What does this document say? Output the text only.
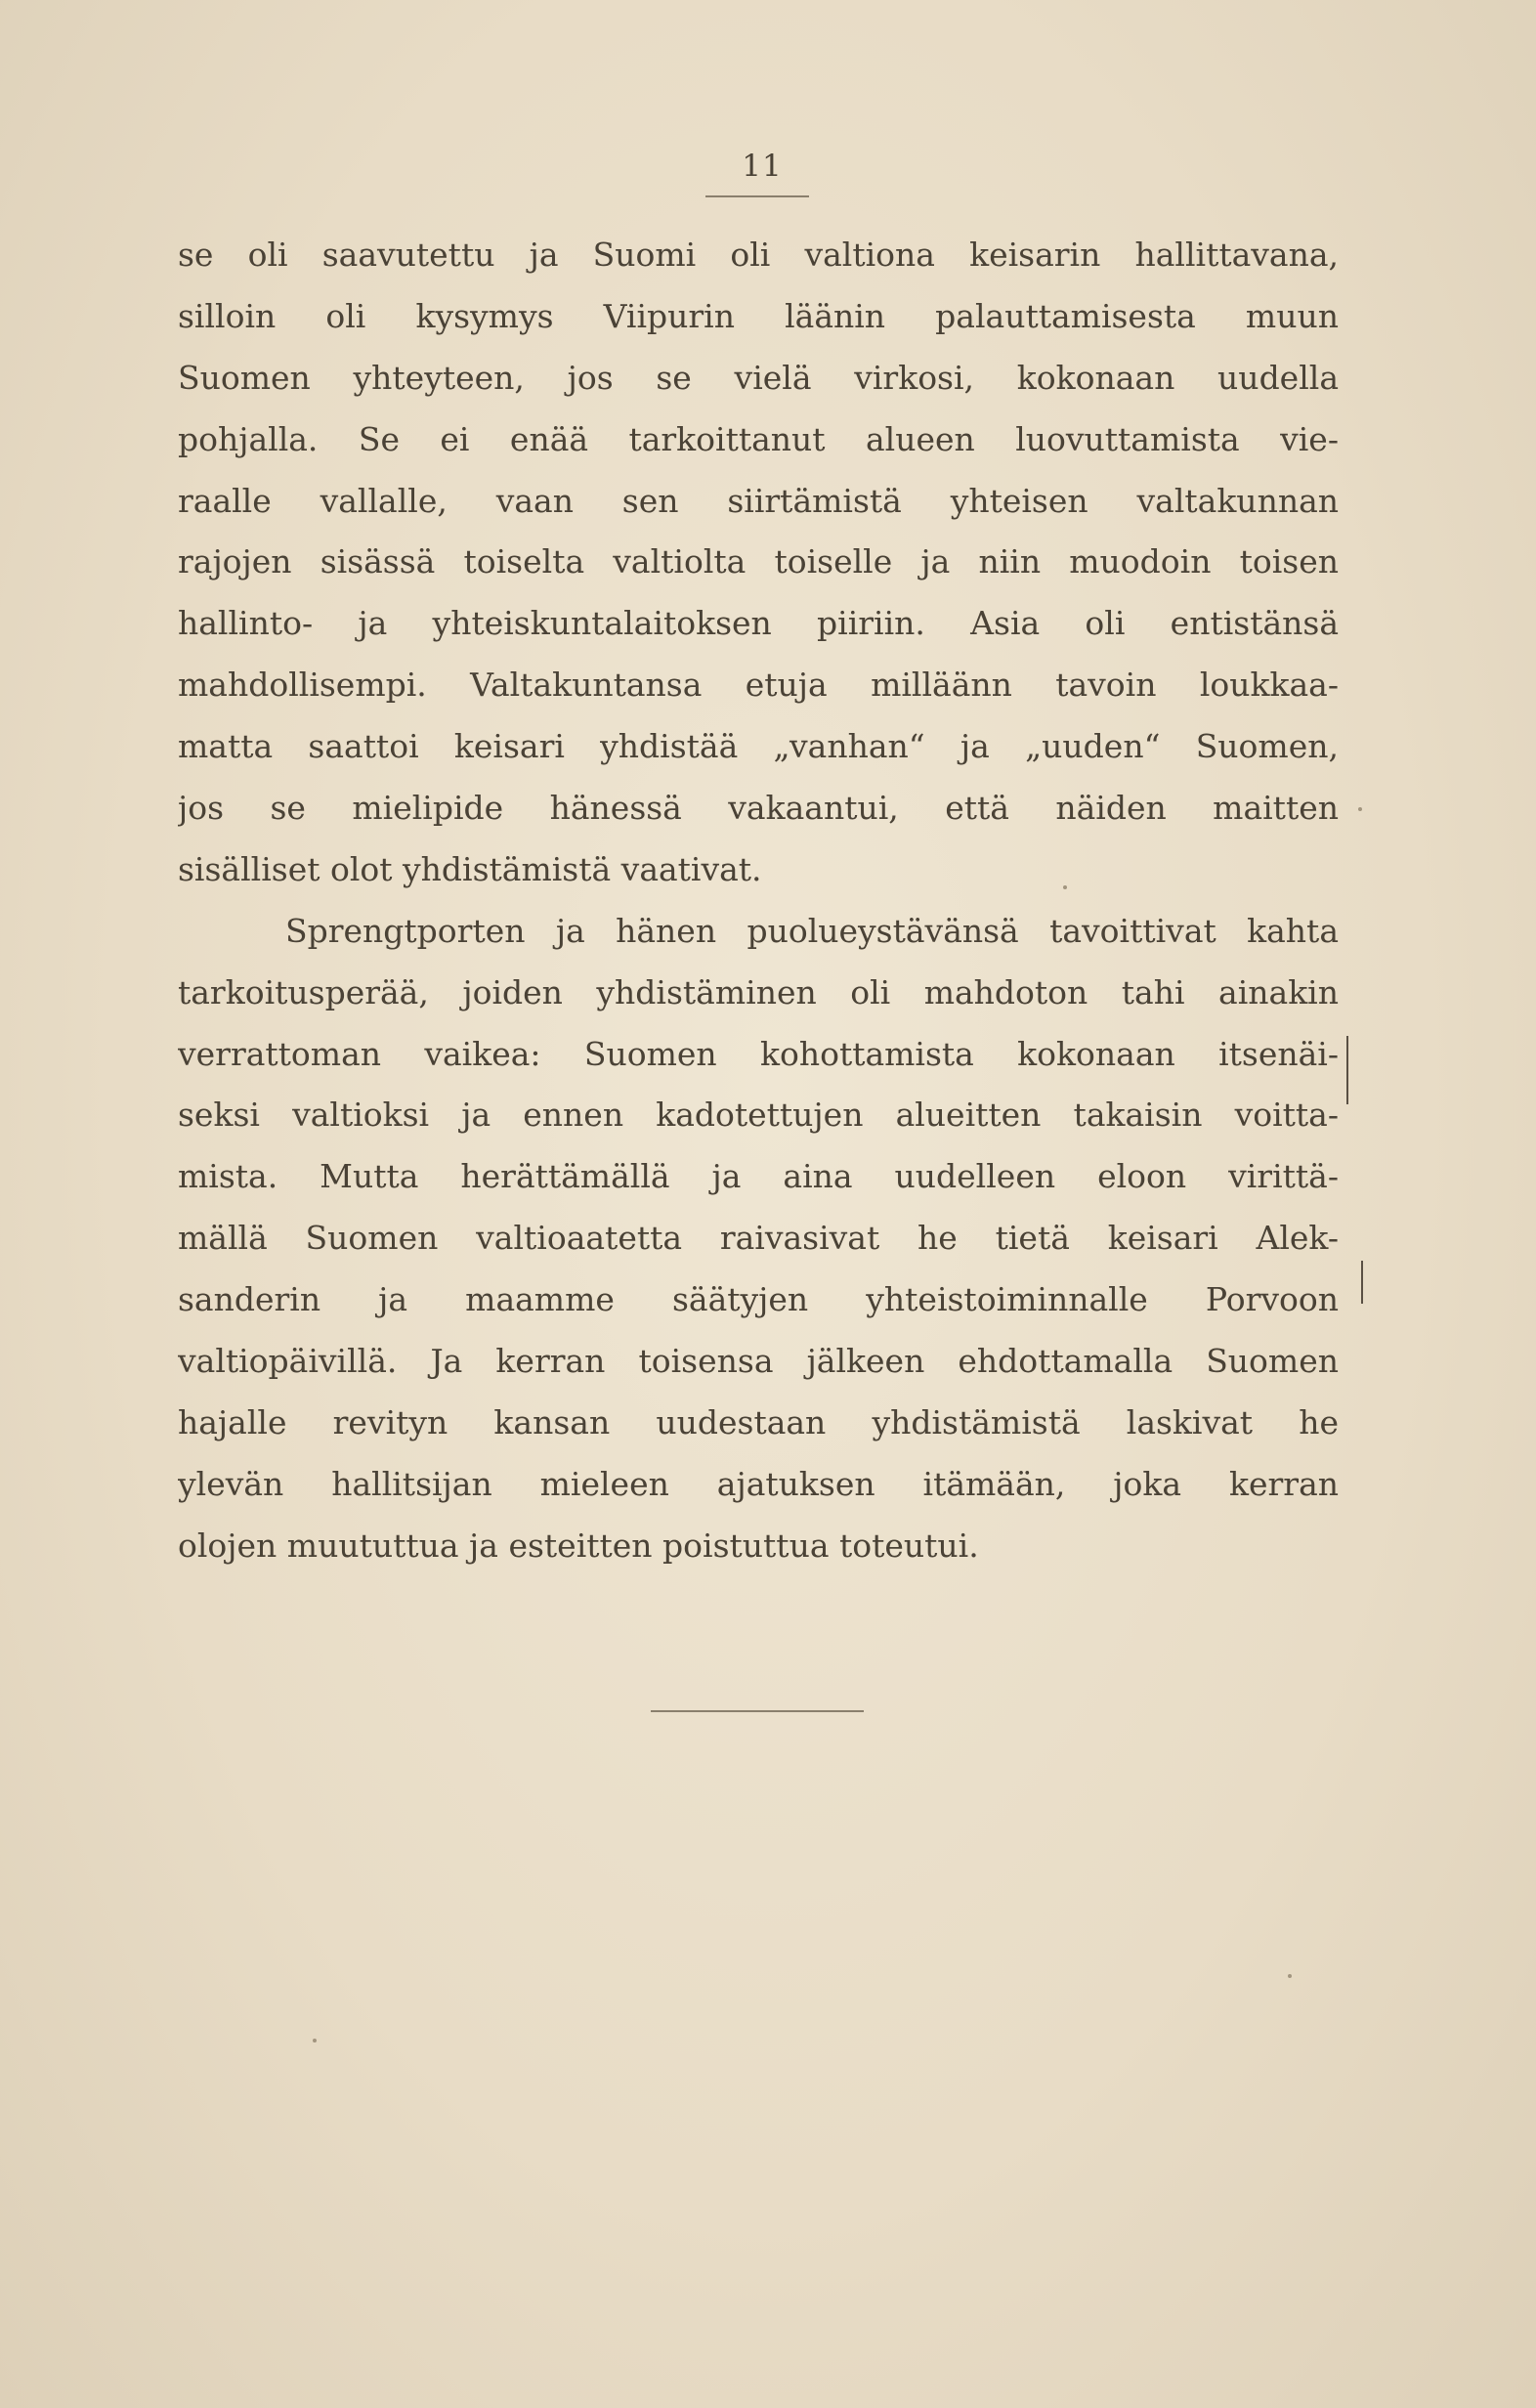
11
se oli saavutettu ja Suomi oli valtiona keisarin hallittavana,
silloin oli kysymys Viipurin läänin palauttamisesta muun
Suomen yhteyteen, jos se vielä virkosi, kokonaan uudella
pohjalla. Se ei enää tarkoittanut alueen luovuttamista vie-
raalle vallalle, vaan sen siirtämistä yhteisen valtakunnan
rajojen sisässä toiselta valtiolta toiselle ja niin muodoin toisen
hallinto- ja yhteiskuntalaitoksen piiriin. Asia oli entistänsä
mahdollisempi. Valtakuntansa etuja milläänn tavoin loukkaa-
matta saattoi keisari yhdistää „vanhan“ ja „uuden“ Suomen,
jos se mielipide hänessä vakaantui, että näiden maitten
sisälliset olot yhdistämistä vaativat.
Sprengtporten ja hänen puolueystävänsä tavoittivat kahta
tarkoitusperää, joiden yhdistäminen oli mahdoton tahi ainakin
verrattoman vaikea: Suomen kohottamista kokonaan itsenäi-
seksi valtioksi ja ennen kadotettujen alueitten takaisin voitta-
mista. Mutta herättämällä ja aina uudelleen eloon virittä-
mällä Suomen valtioaatetta raivasivat he tietä keisari Alek-
sanderin ja maamme säätyjen yhteistoiminnalle Porvoon
valtiopäivillä. Ja kerran toisensa jälkeen ehdottamalla Suomen
hajalle revityn kansan uudestaan yhdistämistä laskivat he
ylevän hallitsijan mieleen ajatuksen itämään, joka kerran
olojen muututtua ja esteitten poistuttua toteutui.
